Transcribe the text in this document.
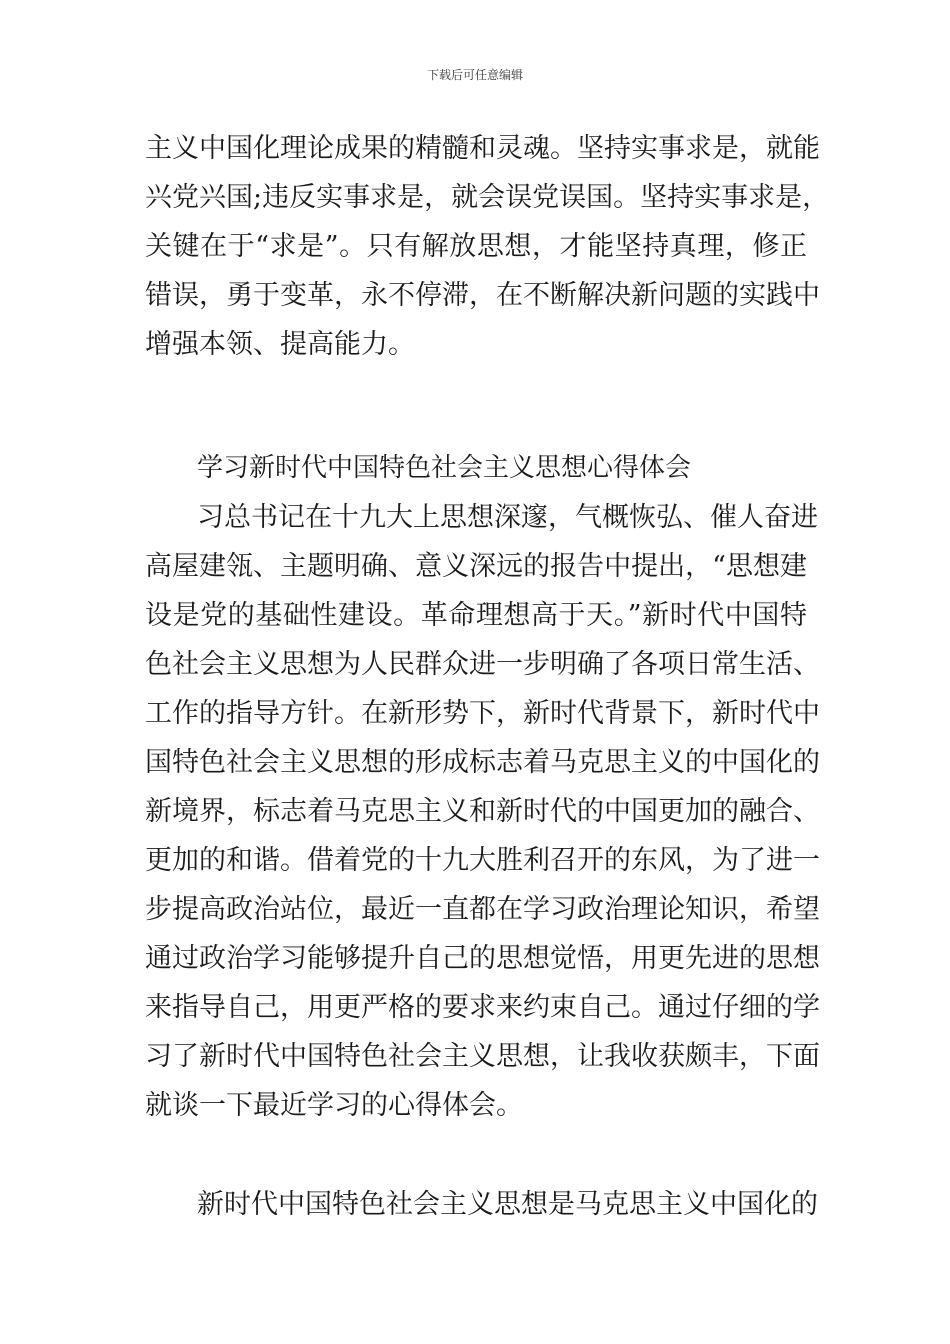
下载后可任意编辑
主义中国化理论成果的精髓和灵魂。坚持实事求是，就能
兴党兴国;违反实事求是，就会误党误国。坚持实事求是，
关键在于“求是”。只有解放思想，才能坚持真理，修正
错误，勇于变革，永不停滞，在不断解决新问题的实践中
增强本领、提高能力。
学习新时代中国特色社会主义思想心得体会
习总书记在十九大上思想深邃，气概恢弘、催人奋进
高屋建瓴、主题明确、意义深远的报告中提出，“思想建
设是党的基础性建设。革命理想高于天。”新时代中国特
色社会主义思想为人民群众进一步明确了各项日常生活、
工作的指导方针。在新形势下，新时代背景下，新时代中
国特色社会主义思想的形成标志着马克思主义的中国化的
新境界，标志着马克思主义和新时代的中国更加的融合、
更加的和谐。借着党的十九大胜利召开的东风，为了进一
步提高政治站位，最近一直都在学习政治理论知识，希望
通过政治学习能够提升自己的思想觉悟，用更先进的思想
来指导自己，用更严格的要求来约束自己。通过仔细的学
习了新时代中国特色社会主义思想，让我收获颇丰，下面
就谈一下最近学习的心得体会。
新时代中国特色社会主义思想是马克思主义中国化的
